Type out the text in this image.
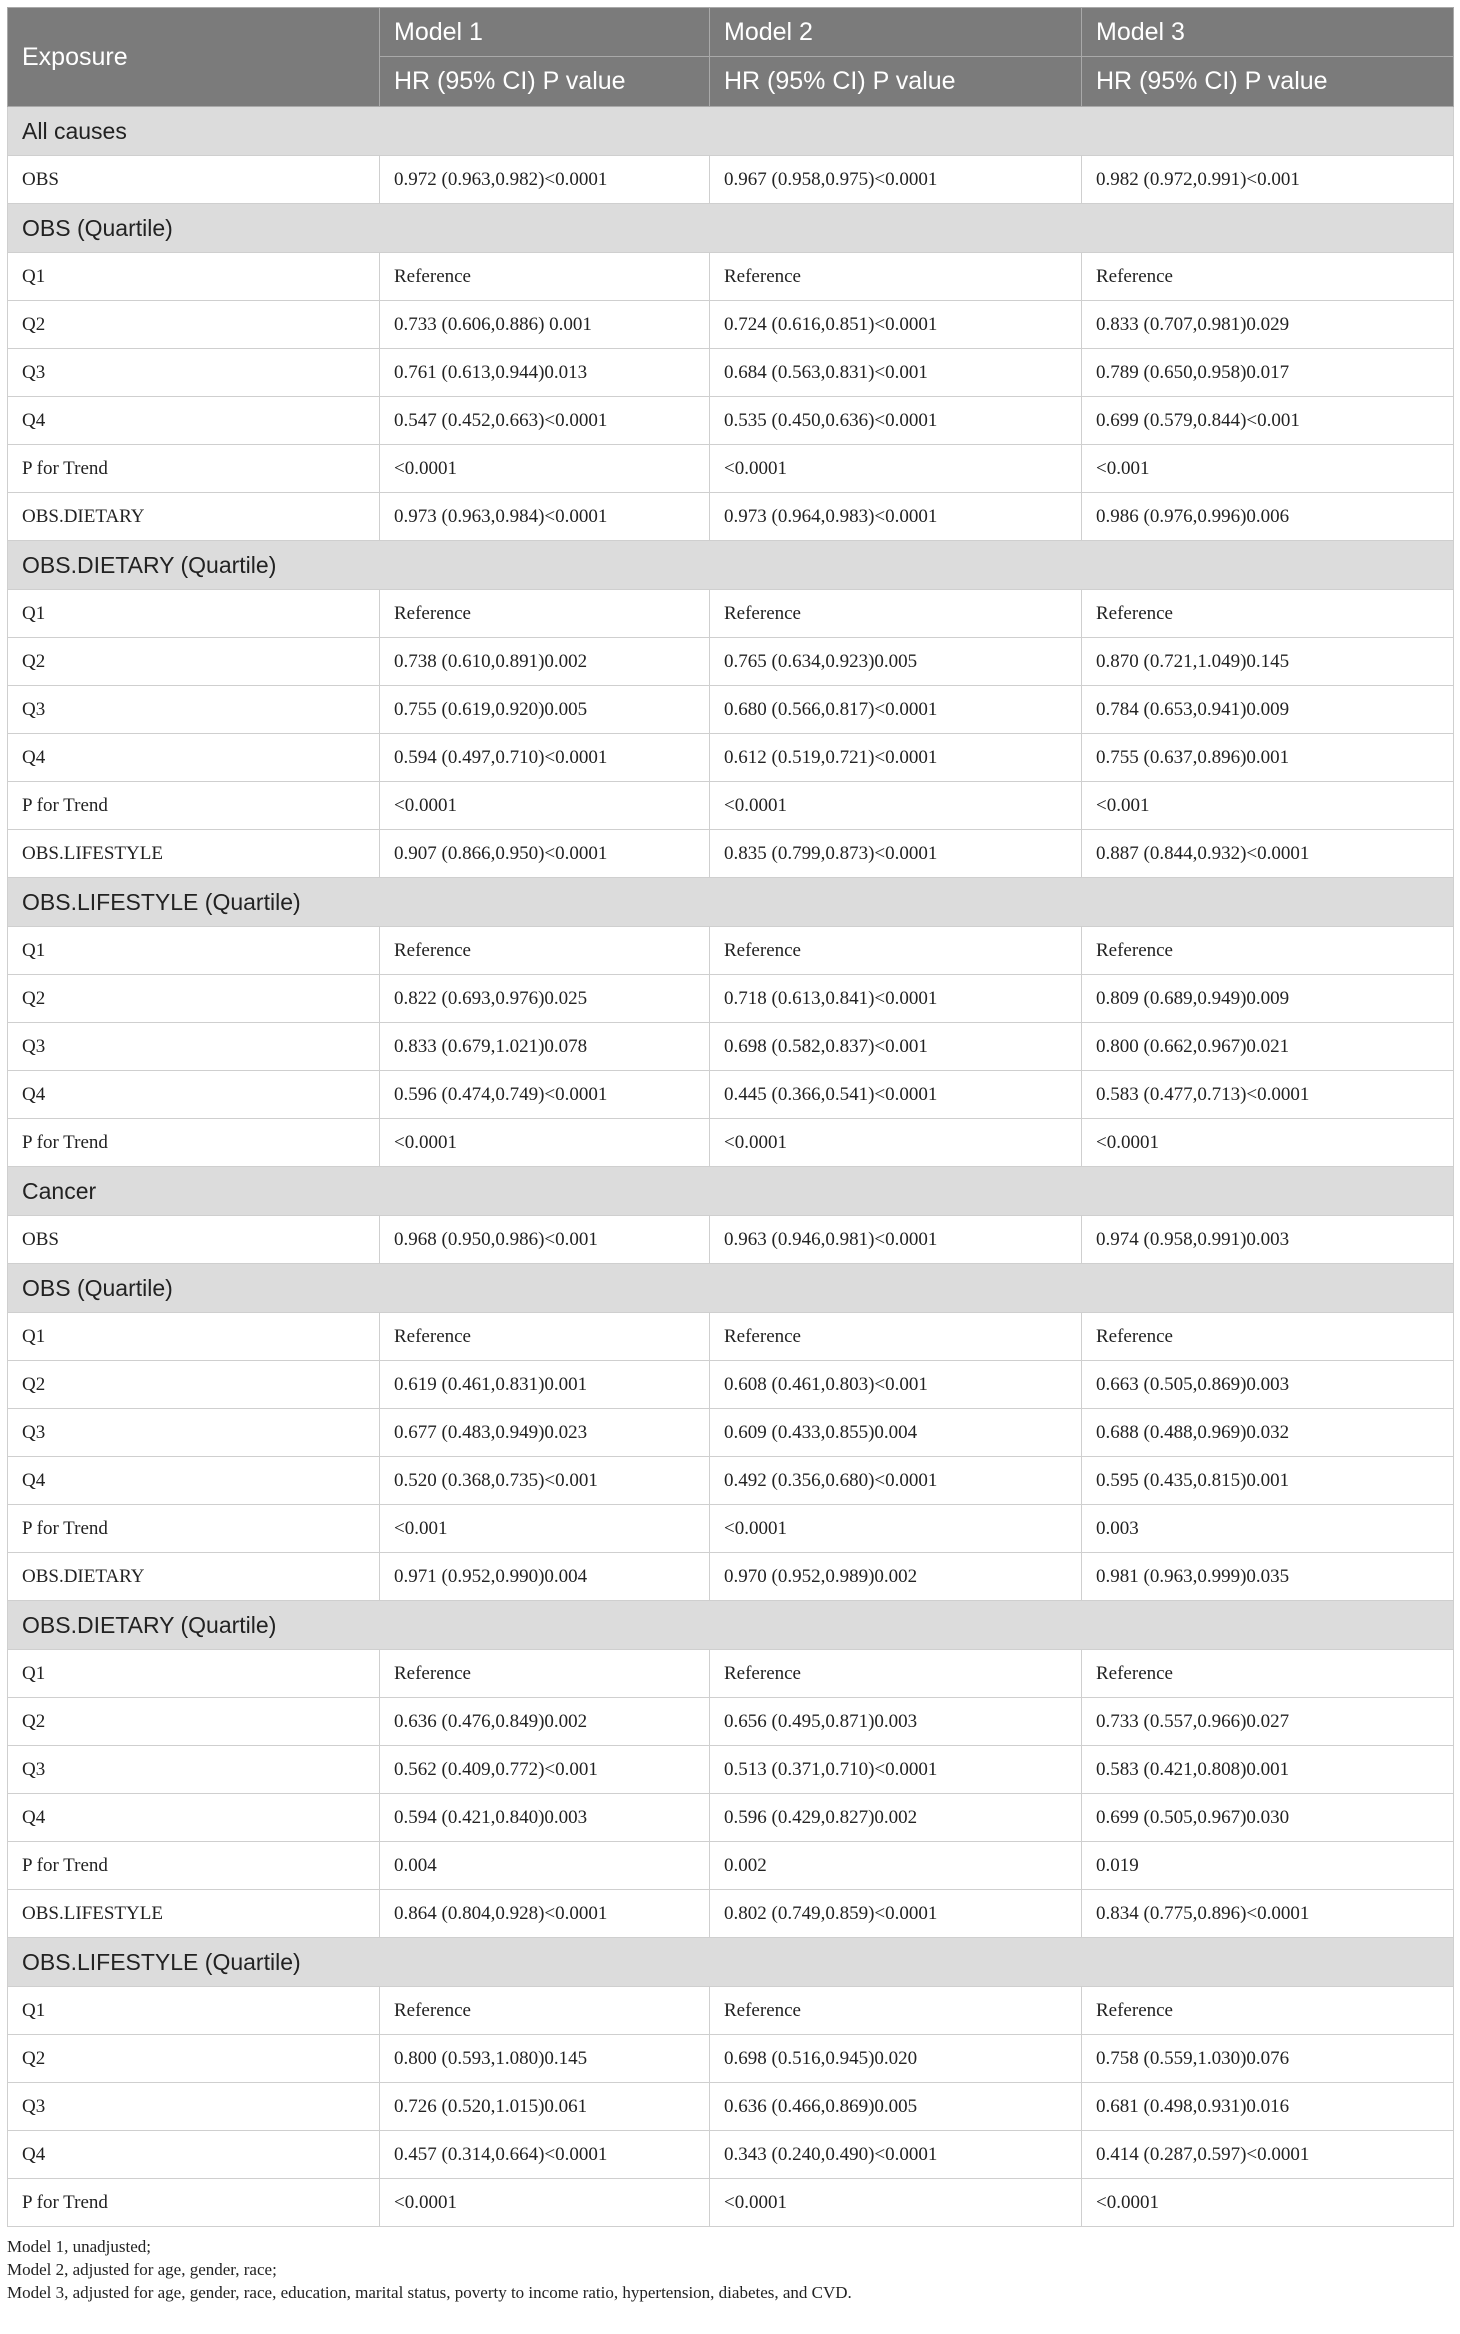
Exposure	Model 1	Model 2	Model 3
	HR (95% CI) P value	HR (95% CI) P value	HR (95% CI) P value
All causes			
OBS	0.972 (0.963,0.982)<0.0001	0.967 (0.958,0.975)<0.0001	0.982 (0.972,0.991)<0.001
OBS (Quartile)			
Q1	Reference	Reference	Reference
Q2	0.733 (0.606,0.886) 0.001	0.724 (0.616,0.851)<0.0001	0.833 (0.707,0.981)0.029
Q3	0.761 (0.613,0.944)0.013	0.684 (0.563,0.831)<0.001	0.789 (0.650,0.958)0.017
Q4	0.547 (0.452,0.663)<0.0001	0.535 (0.450,0.636)<0.0001	0.699 (0.579,0.844)<0.001
P for Trend	<0.0001	<0.0001	<0.001
OBS.DIETARY	0.973 (0.963,0.984)<0.0001	0.973 (0.964,0.983)<0.0001	0.986 (0.976,0.996)0.006
OBS.DIETARY (Quartile)			
Q1	Reference	Reference	Reference
Q2	0.738 (0.610,0.891)0.002	0.765 (0.634,0.923)0.005	0.870 (0.721,1.049)0.145
Q3	0.755 (0.619,0.920)0.005	0.680 (0.566,0.817)<0.0001	0.784 (0.653,0.941)0.009
Q4	0.594 (0.497,0.710)<0.0001	0.612 (0.519,0.721)<0.0001	0.755 (0.637,0.896)0.001
P for Trend	<0.0001	<0.0001	<0.001
OBS.LIFESTYLE	0.907 (0.866,0.950)<0.0001	0.835 (0.799,0.873)<0.0001	0.887 (0.844,0.932)<0.0001
OBS.LIFESTYLE (Quartile)			
Q1	Reference	Reference	Reference
Q2	0.822 (0.693,0.976)0.025	0.718 (0.613,0.841)<0.0001	0.809 (0.689,0.949)0.009
Q3	0.833 (0.679,1.021)0.078	0.698 (0.582,0.837)<0.001	0.800 (0.662,0.967)0.021
Q4	0.596 (0.474,0.749)<0.0001	0.445 (0.366,0.541)<0.0001	0.583 (0.477,0.713)<0.0001
P for Trend	<0.0001	<0.0001	<0.0001
Cancer			
OBS	0.968 (0.950,0.986)<0.001	0.963 (0.946,0.981)<0.0001	0.974 (0.958,0.991)0.003
OBS (Quartile)			
Q1	Reference	Reference	Reference
Q2	0.619 (0.461,0.831)0.001	0.608 (0.461,0.803)<0.001	0.663 (0.505,0.869)0.003
Q3	0.677 (0.483,0.949)0.023	0.609 (0.433,0.855)0.004	0.688 (0.488,0.969)0.032
Q4	0.520 (0.368,0.735)<0.001	0.492 (0.356,0.680)<0.0001	0.595 (0.435,0.815)0.001
P for Trend	<0.001	<0.0001	0.003
OBS.DIETARY	0.971 (0.952,0.990)0.004	0.970 (0.952,0.989)0.002	0.981 (0.963,0.999)0.035
OBS.DIETARY (Quartile)			
Q1	Reference	Reference	Reference
Q2	0.636 (0.476,0.849)0.002	0.656 (0.495,0.871)0.003	0.733 (0.557,0.966)0.027
Q3	0.562 (0.409,0.772)<0.001	0.513 (0.371,0.710)<0.0001	0.583 (0.421,0.808)0.001
Q4	0.594 (0.421,0.840)0.003	0.596 (0.429,0.827)0.002	0.699 (0.505,0.967)0.030
P for Trend	0.004	0.002	0.019
OBS.LIFESTYLE	0.864 (0.804,0.928)<0.0001	0.802 (0.749,0.859)<0.0001	0.834 (0.775,0.896)<0.0001
OBS.LIFESTYLE (Quartile)			
Q1	Reference	Reference	Reference
Q2	0.800 (0.593,1.080)0.145	0.698 (0.516,0.945)0.020	0.758 (0.559,1.030)0.076
Q3	0.726 (0.520,1.015)0.061	0.636 (0.466,0.869)0.005	0.681 (0.498,0.931)0.016
Q4	0.457 (0.314,0.664)<0.0001	0.343 (0.240,0.490)<0.0001	0.414 (0.287,0.597)<0.0001
P for Trend	<0.0001	<0.0001	<0.0001
Model 1, unadjusted;
Model 2, adjusted for age, gender, race;
Model 3, adjusted for age, gender, race, education, marital status, poverty to income ratio, hypertension, diabetes, and CVD.
